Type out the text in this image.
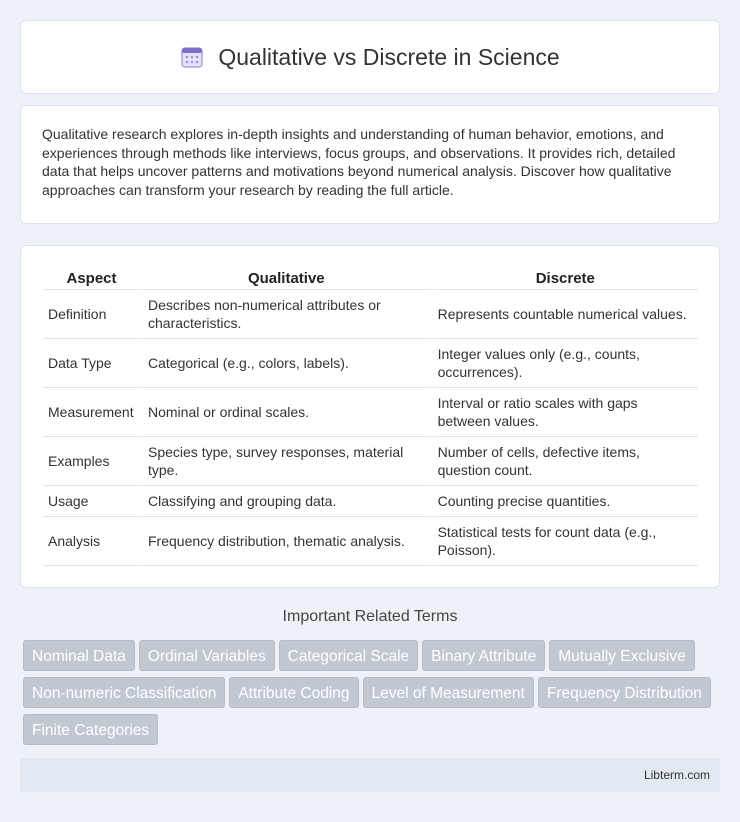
Qualitative vs Discrete in Science

Qualitative research explores in-depth insights and understanding of human behavior, emotions, and experiences through methods like interviews, focus groups, and observations. It provides rich, detailed data that helps uncover patterns and motivations beyond numerical analysis. Discover how qualitative approaches can transform your research by reading the full article.

Aspect	Qualitative	Discrete
Definition	Describes non-numerical attributes or characteristics.	Represents countable numerical values.
Data Type	Categorical (e.g., colors, labels).	Integer values only (e.g., counts, occurrences).
Measurement	Nominal or ordinal scales.	Interval or ratio scales with gaps between values.
Examples	Species type, survey responses, material type.	Number of cells, defective items, question count.
Usage	Classifying and grouping data.	Counting precise quantities.
Analysis	Frequency distribution, thematic analysis.	Statistical tests for count data (e.g., Poisson).
Important Related Terms
Nominal Data Ordinal Variables Categorical Scale Binary Attribute Mutually ExclusiveNon-numeric Classification Attribute Coding Level of Measurement Frequency DistributionFinite Categories
Libterm.com
